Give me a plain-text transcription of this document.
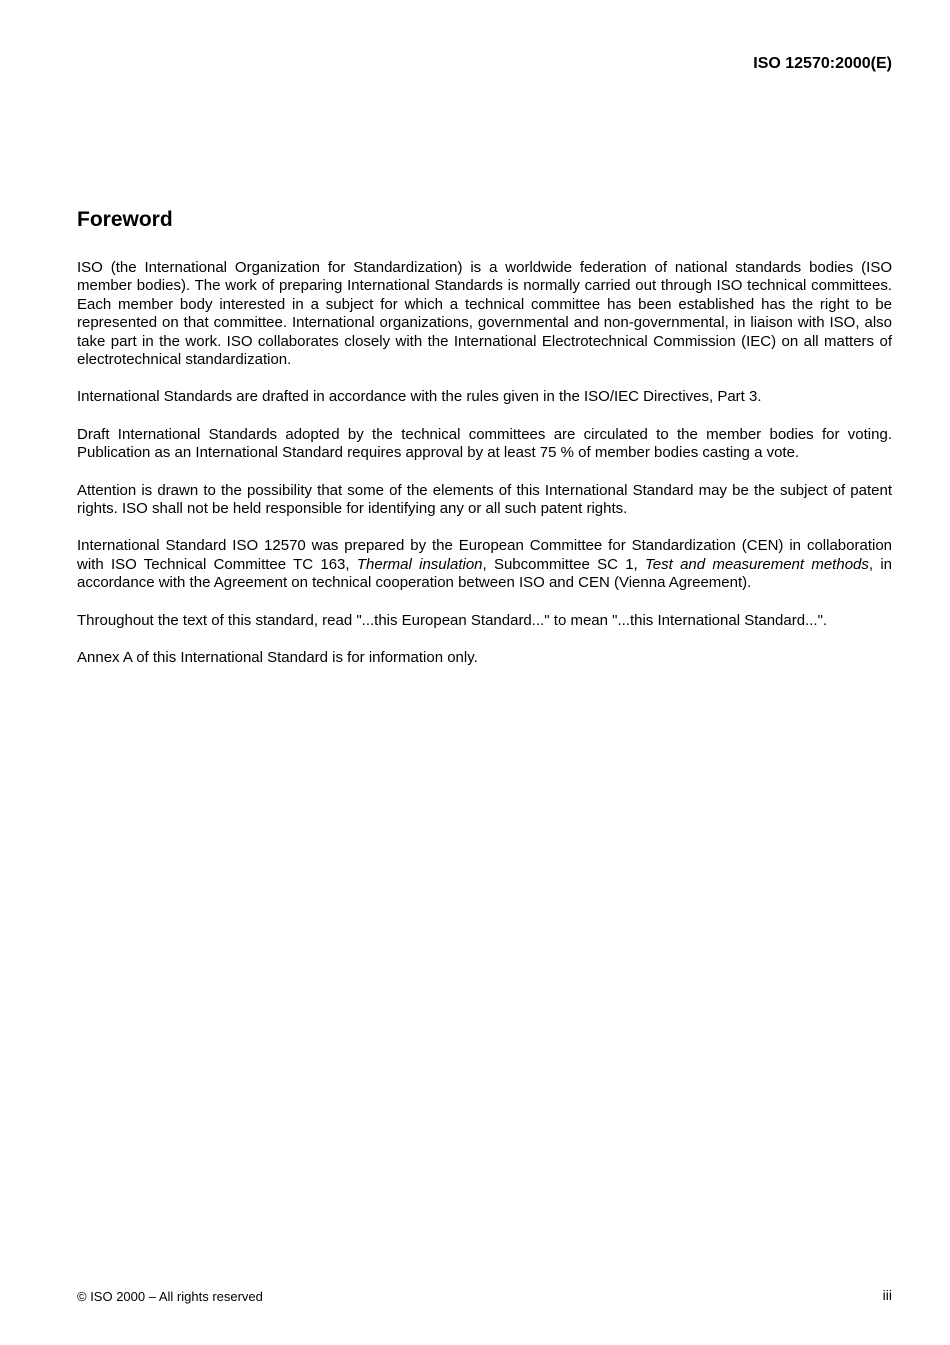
ISO 12570:2000(E)

Foreword

ISO (the International Organization for Standardization) is a worldwide federation of national standards bodies (ISO member bodies). The work of preparing International Standards is normally carried out through ISO technical committees. Each member body interested in a subject for which a technical committee has been established has the right to be represented on that committee. International organizations, governmental and non-governmental, in liaison with ISO, also take part in the work. ISO collaborates closely with the International Electrotechnical Commission (IEC) on all matters of electrotechnical standardization.

International Standards are drafted in accordance with the rules given in the ISO/IEC Directives, Part 3.

Draft International Standards adopted by the technical committees are circulated to the member bodies for voting. Publication as an International Standard requires approval by at least 75 % of member bodies casting a vote.

Attention is drawn to the possibility that some of the elements of this International Standard may be the subject of patent rights. ISO shall not be held responsible for identifying any or all such patent rights.

International Standard ISO 12570 was prepared by the European Committee for Standardization (CEN) in collaboration with ISO Technical Committee TC 163, Thermal insulation, Subcommittee SC 1, Test and measurement methods, in accordance with the Agreement on technical cooperation between ISO and CEN (Vienna Agreement).

Throughout the text of this standard, read "...this European Standard..." to mean "...this International Standard...".

Annex A of this International Standard is for information only.

© ISO 2000 – All rights reserved	iii
